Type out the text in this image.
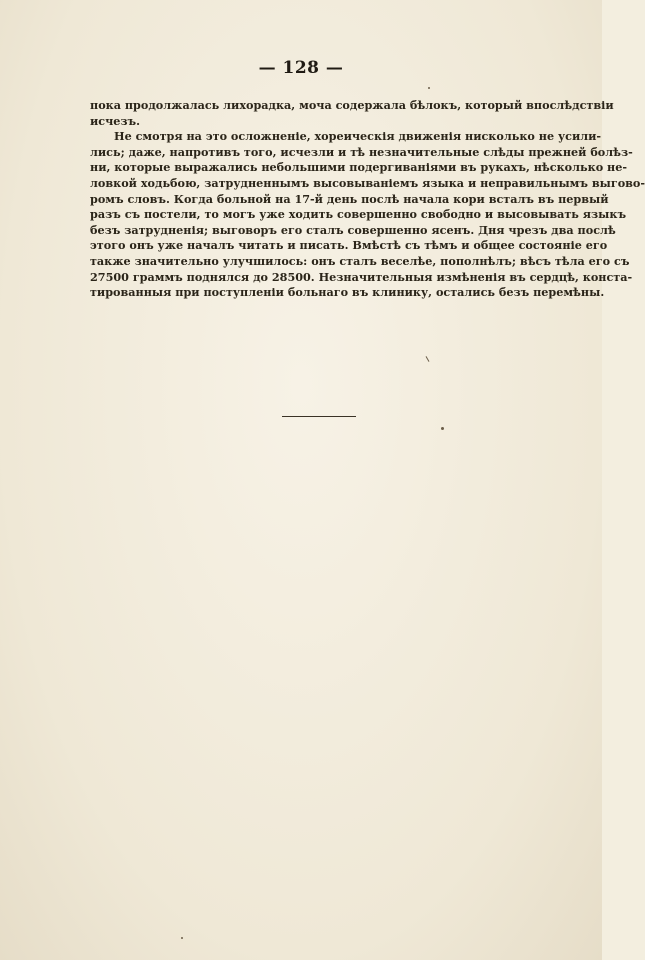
— 128 —
пока продолжалась лихорадка, моча содержала бѣлокъ, который впослѣдствіи
исчезъ.
Не смотря на это осложненіе, хореическія движенія нисколько не усили-
лись; даже, напротивъ того, исчезли и тѣ незначительные слѣды прежней болѣз-
ни, которые выражались небольшими подергиваніями въ рукахъ, нѣсколько не-
ловкой ходьбою, затрудненнымъ высовываніемъ языка и неправильнымъ выгово-
ромъ словъ. Когда больной на 17-й день послѣ начала кори всталъ въ первый
разъ съ постели, то могъ уже ходить совершенно свободно и высовывать языкъ
безъ затрудненія; выговоръ его сталъ совершенно ясенъ. Дня чрезъ два послѣ
этого онъ уже началъ читать и писать. Вмѣстѣ съ тѣмъ и общее состояніе его
также значительно улучшилось: онъ сталъ веселѣе, пополнѣлъ; вѣсъ тѣла его съ
27500 граммъ поднялся до 28500. Незначительныя измѣненія въ сердцѣ, конста-
тированныя при поступленіи больнаго въ клинику, остались безъ перемѣны.
